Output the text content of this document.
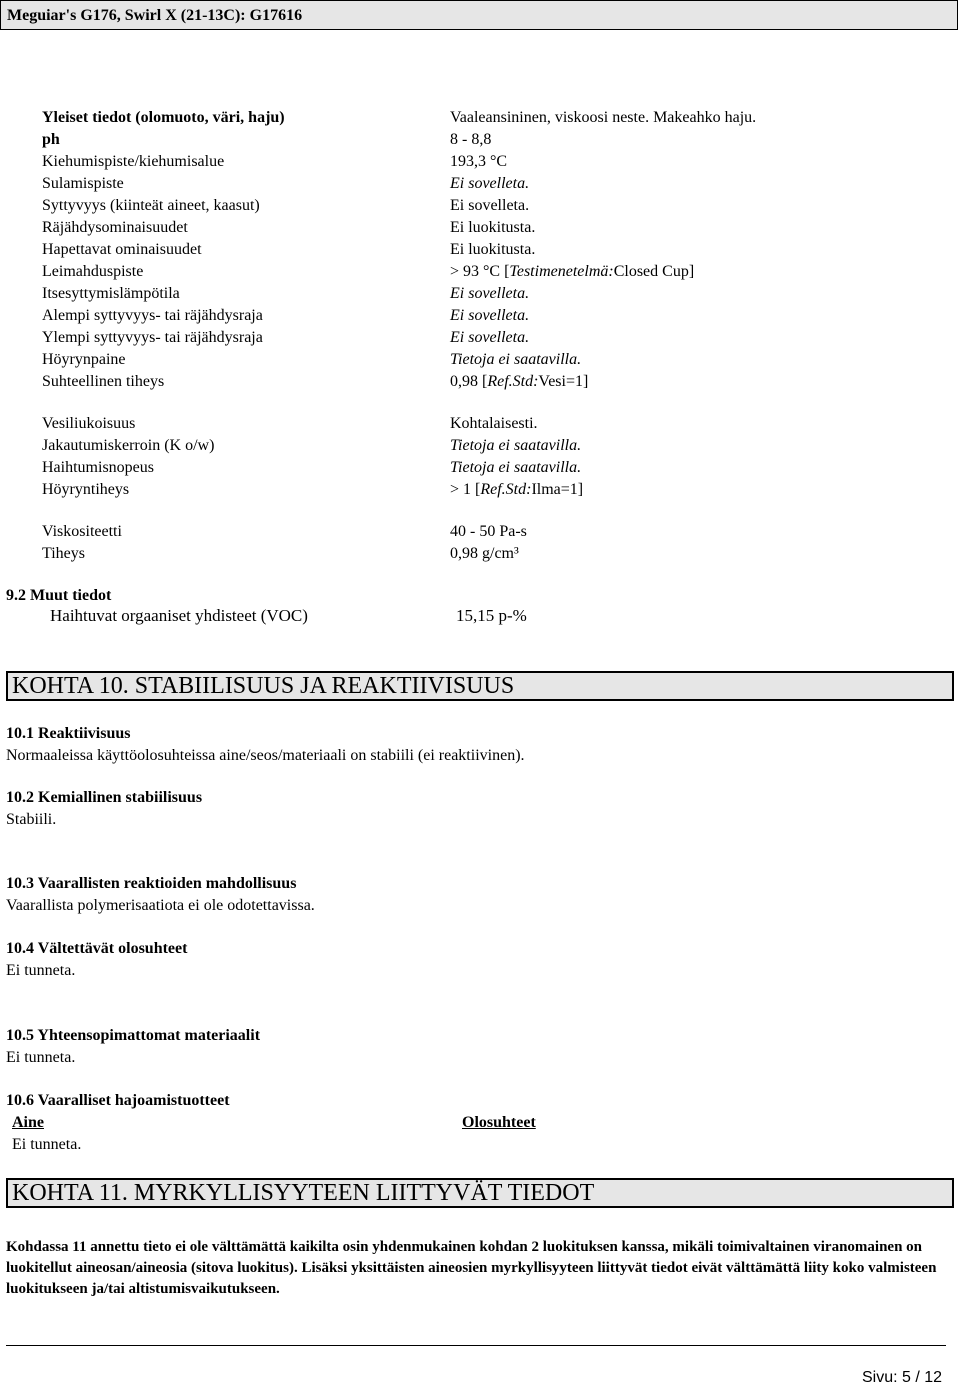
Meguiar's G176, Swirl X (21-13C): G17616
Yleiset tiedot (olomuoto, väri, haju)	Vaaleansininen, viskoosi neste. Makeahko haju.
ph	8 - 8,8
Kiehumispiste/kiehumisalue	193,3 °C
Sulamispiste	Ei sovelleta.
Syttyvyys (kiinteät aineet, kaasut)	Ei sovelleta.
Räjähdysominaisuudet	Ei luokitusta.
Hapettavat ominaisuudet	Ei luokitusta.
Leimahduspiste	> 93 °C [Testimenetelmä:Closed Cup]
Itsesyttymislämpötila	Ei sovelleta.
Alempi syttyvyys- tai räjähdysraja	Ei sovelleta.
Ylempi syttyvyys- tai räjähdysraja	Ei sovelleta.
Höyrynpaine	Tietoja ei saatavilla.
Suhteellinen tiheys	0,98 [Ref.Std:Vesi=1]
Vesiliukoisuus	Kohtalaisesti.
Jakautumiskerroin (K o/w)	Tietoja ei saatavilla.
Haihtumisnopeus	Tietoja ei saatavilla.
Höyryntiheys	> 1 [Ref.Std:Ilma=1]
Viskositeetti	40 - 50 Pa-s
Tiheys	0,98 g/cm³
9.2 Muut tiedot
Haihtuvat orgaaniset yhdisteet (VOC)	15,15 p-%
KOHTA 10. STABIILISUUS JA REAKTIIVISUUS
10.1 Reaktiivisuus
Normaaleissa käyttöolosuhteissa aine/seos/materiaali on stabiili (ei reaktiivinen).
10.2 Kemiallinen stabiilisuus
Stabiili.
10.3 Vaarallisten reaktioiden mahdollisuus
Vaarallista polymerisaatiota ei ole odotettavissa.
10.4 Vältettävät olosuhteet
Ei tunneta.
10.5 Yhteensopimattomat materiaalit
Ei tunneta.
10.6 Vaaralliset hajoamistuotteet
Aine	Olosuhteet
Ei tunneta.
KOHTA 11. MYRKYLLISYYTEEN LIITTYVÄT TIEDOT
Kohdassa 11 annettu tieto ei ole välttämättä kaikilta osin yhdenmukainen kohdan 2 luokituksen kanssa, mikäli toimivaltainen viranomainen on luokitellut aineosan/aineosia (sitova luokitus). Lisäksi yksittäisten aineosien myrkyllisyyteen liittyvät tiedot eivät välttämättä liity koko valmisteen luokitukseen ja/tai altistumisvaikutukseen.
Sivu: 5 / 12
